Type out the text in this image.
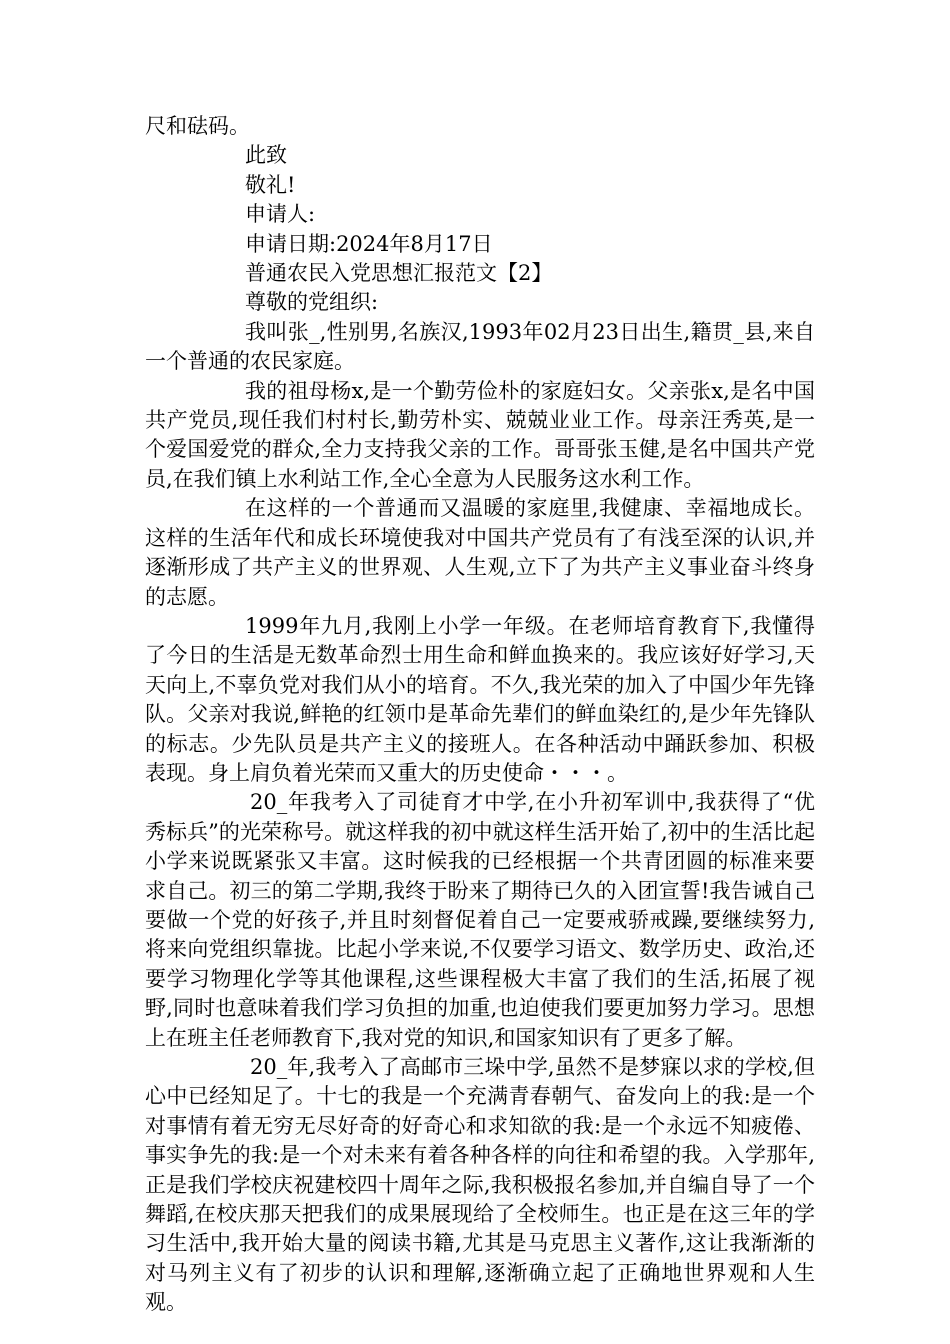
尺和砝码。

此致

敬礼!

申请人:

申请日期:2024年8月17日

普通农民入党思想汇报范文【2】

尊敬的党组织:

我叫张_,性别男,名族汉,1993年02月23日出生,籍贯_县,来自一个普通的农民家庭。

我的祖母杨x,是一个勤劳俭朴的家庭妇女。父亲张x,是名中国共产党员,现任我们村村长,勤劳朴实、兢兢业业工作。母亲汪秀英,是一个爱国爱党的群众,全力支持我父亲的工作。哥哥张玉健,是名中国共产党员,在我们镇上水利站工作,全心全意为人民服务这水利工作。

在这样的一个普通而又温暖的家庭里,我健康、幸福地成长。这样的生活年代和成长环境使我对中国共产党员有了有浅至深的认识,并逐渐形成了共产主义的世界观、人生观,立下了为共产主义事业奋斗终身的志愿。

1999年九月,我刚上小学一年级。在老师培育教育下,我懂得了今日的生活是无数革命烈士用生命和鲜血换来的。我应该好好学习,天天向上,不辜负党对我们从小的培育。不久,我光荣的加入了中国少年先锋队。父亲对我说,鲜艳的红领巾是革命先辈们的鲜血染红的,是少年先锋队的标志。少先队员是共产主义的接班人。在各种活动中踊跃参加、积极表现。身上肩负着光荣而又重大的历史使命・・・。

20_年我考入了司徒育才中学,在小升初军训中,我获得了“优秀标兵”的光荣称号。就这样我的初中就这样生活开始了,初中的生活比起小学来说既紧张又丰富。这时候我的已经根据一个共青团圆的标准来要求自己。初三的第二学期,我终于盼来了期待已久的入团宣誓!我告诫自己要做一个党的好孩子,并且时刻督促着自己一定要戒骄戒躁,要继续努力,将来向党组织靠拢。比起小学来说,不仅要学习语文、数学历史、政治,还要学习物理化学等其他课程,这些课程极大丰富了我们的生活,拓展了视野,同时也意味着我们学习负担的加重,也迫使我们要更加努力学习。思想上在班主任老师教育下,我对党的知识,和国家知识有了更多了解。

20_年,我考入了高邮市三垛中学,虽然不是梦寐以求的学校,但心中已经知足了。十七的我是一个充满青春朝气、奋发向上的我:是一个对事情有着无穷无尽好奇的好奇心和求知欲的我:是一个永远不知疲倦、事实争先的我:是一个对未来有着各种各样的向往和希望的我。入学那年,正是我们学校庆祝建校四十周年之际,我积极报名参加,并自编自导了一个舞蹈,在校庆那天把我们的成果展现给了全校师生。也正是在这三年的学习生活中,我开始大量的阅读书籍,尤其是马克思主义著作,这让我渐渐的对马列主义有了初步的认识和理解,逐渐确立起了正确地世界观和人生观。
